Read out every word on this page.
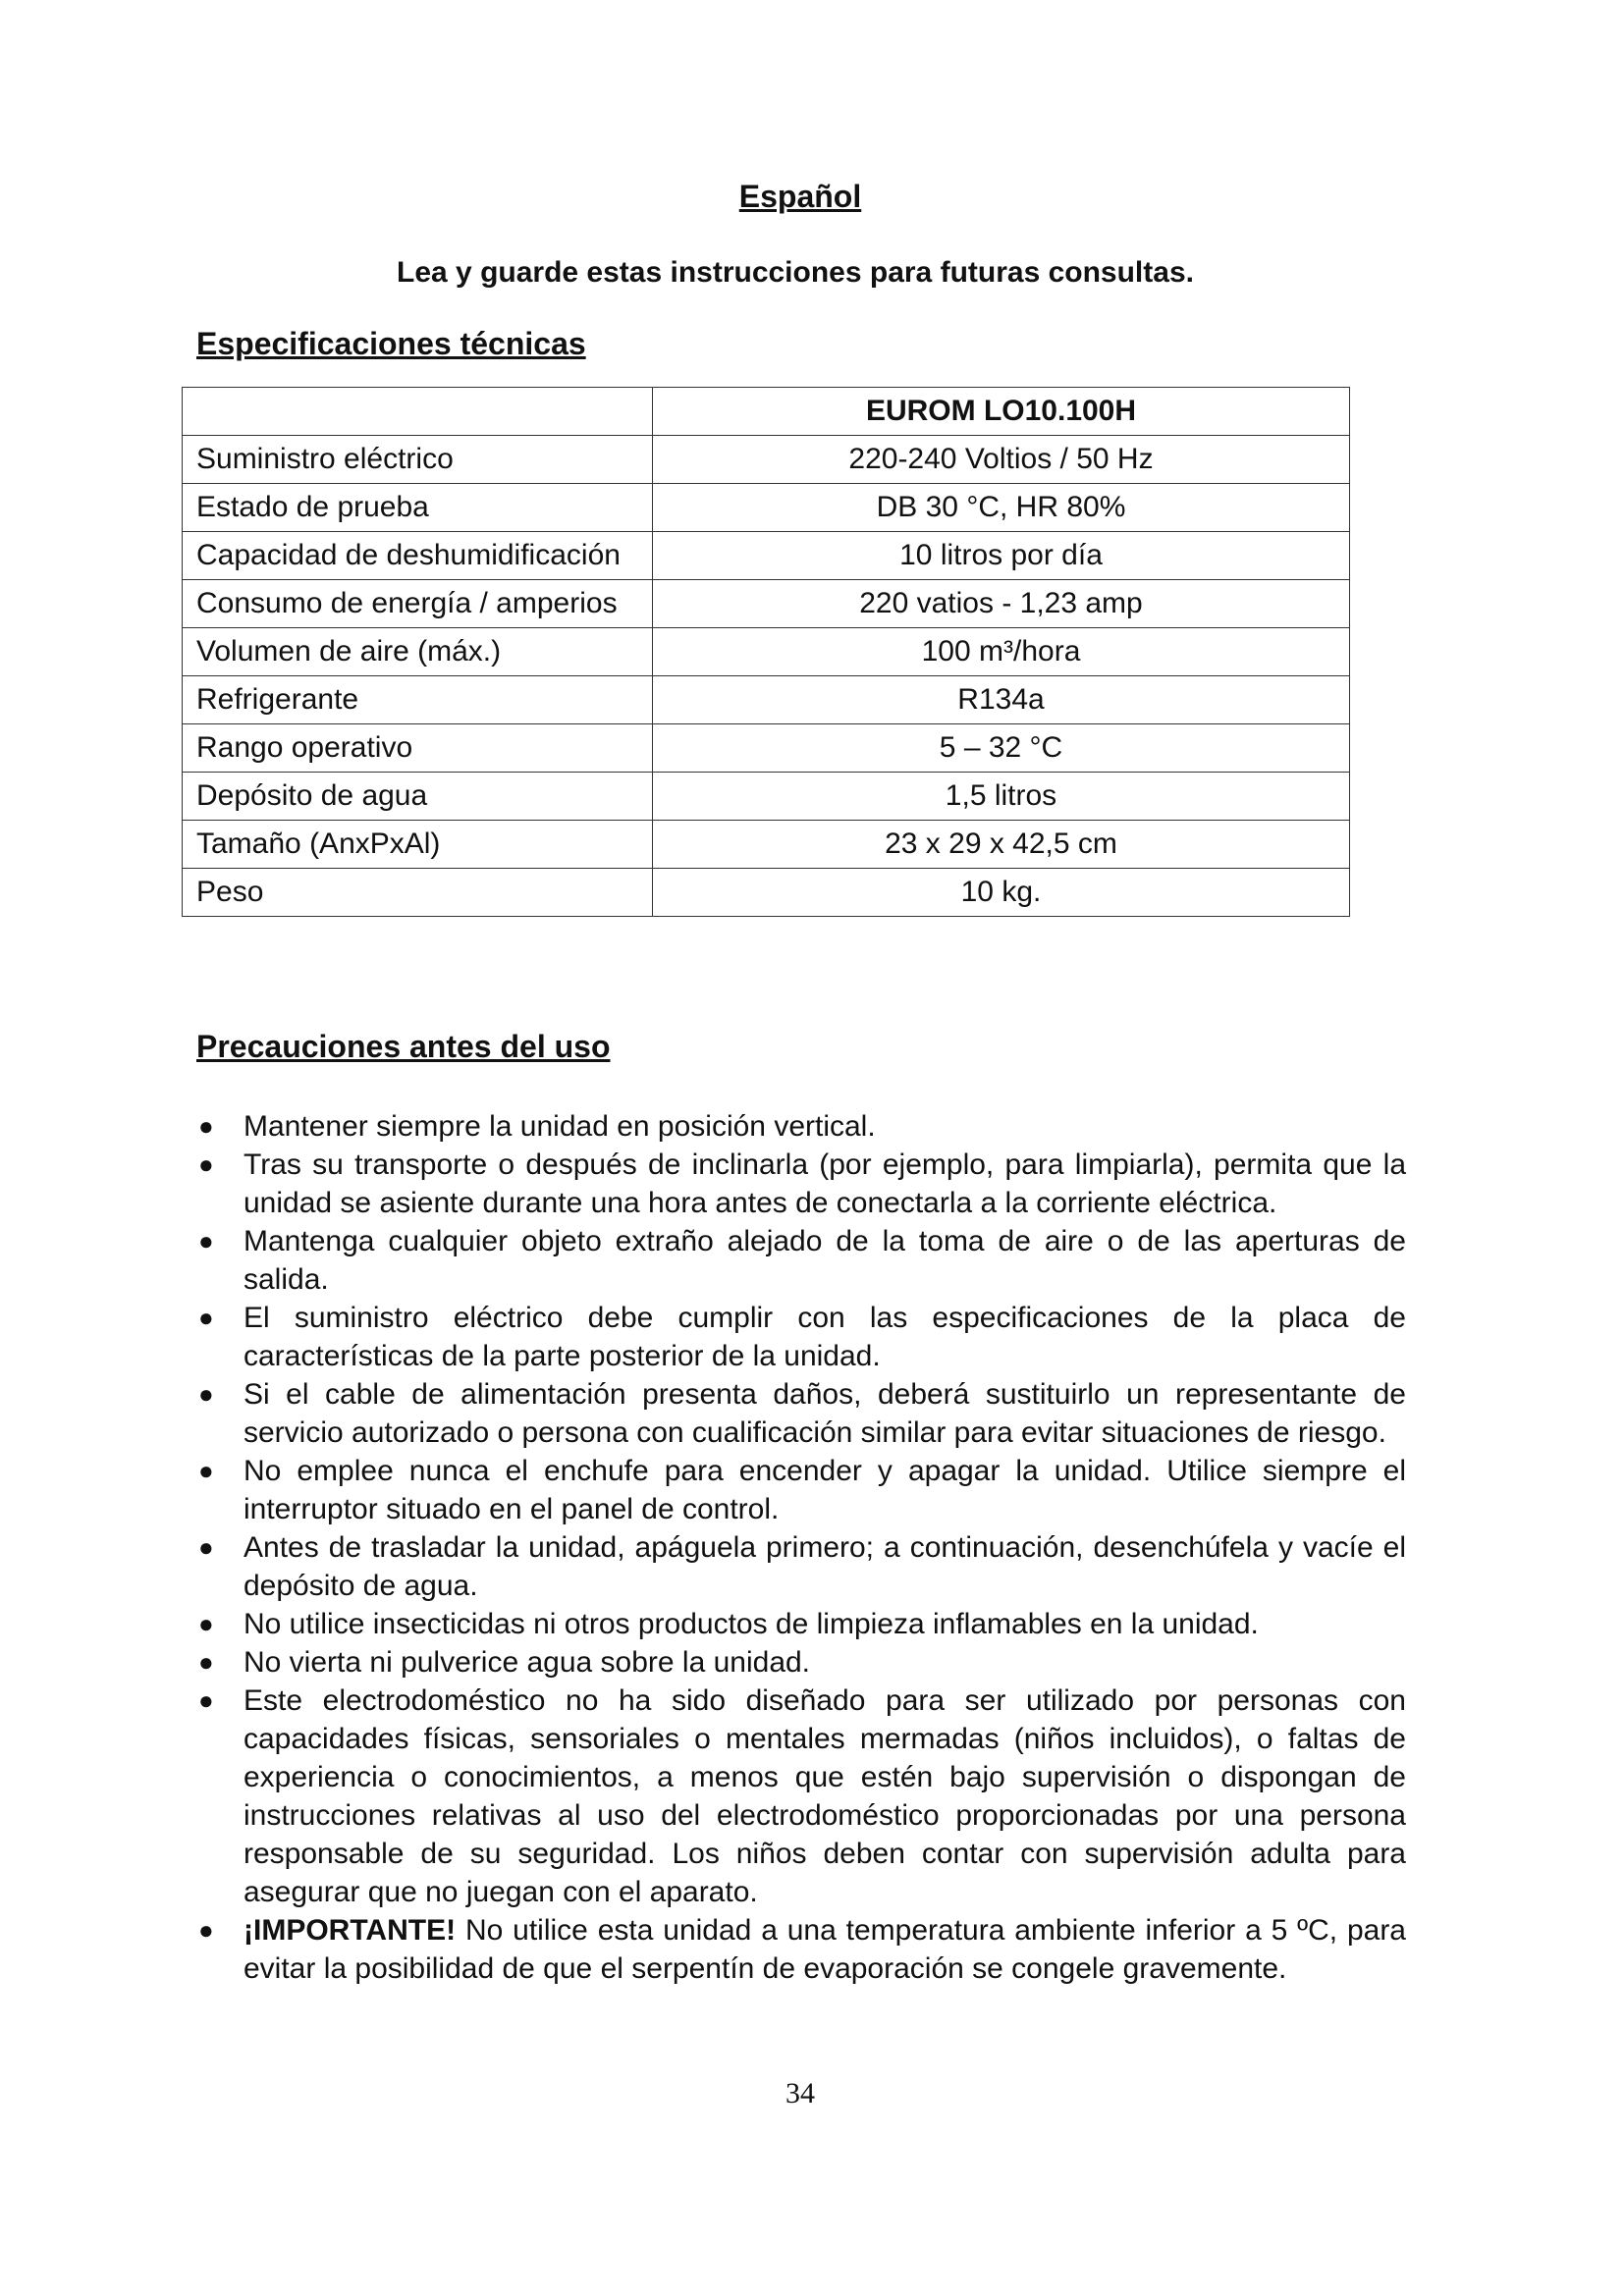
Español
Lea y guarde estas instrucciones para futuras consultas.
Especificaciones técnicas
	EUROM LO10.100H
Suministro eléctrico	220-240 Voltios / 50 Hz
Estado de prueba	DB 30 °C, HR 80%
Capacidad de deshumidificación	10 litros por día
Consumo de energía / amperios	220 vatios - 1,23 amp
Volumen de aire (máx.)	100 m³/hora
Refrigerante	R134a
Rango operativo	5 – 32 °C
Depósito de agua	1,5 litros
Tamaño (AnxPxAl)	23 x 29 x 42,5 cm
Peso	10 kg.
Precauciones antes del uso
● Mantener siempre la unidad en posición vertical.
● Tras su transporte o después de inclinarla (por ejemplo, para limpiarla), permita que la unidad se asiente durante una hora antes de conectarla a la corriente eléctrica.
● Mantenga cualquier objeto extraño alejado de la toma de aire o de las aperturas de salida.
● El suministro eléctrico debe cumplir con las especificaciones de la placa de características de la parte posterior de la unidad.
● Si el cable de alimentación presenta daños, deberá sustituirlo un representante de servicio autorizado o persona con cualificación similar para evitar situaciones de riesgo.
● No emplee nunca el enchufe para encender y apagar la unidad. Utilice siempre el interruptor situado en el panel de control.
● Antes de trasladar la unidad, apáguela primero; a continuación, desenchúfela y vacíe el depósito de agua.
● No utilice insecticidas ni otros productos de limpieza inflamables en la unidad.
● No vierta ni pulverice agua sobre la unidad.
● Este electrodoméstico no ha sido diseñado para ser utilizado por personas con capacidades físicas, sensoriales o mentales mermadas (niños incluidos), o faltas de experiencia o conocimientos, a menos que estén bajo supervisión o dispongan de instrucciones relativas al uso del electrodoméstico proporcionadas por una persona responsable de su seguridad. Los niños deben contar con supervisión adulta para asegurar que no juegan con el aparato.
● ¡IMPORTANTE! No utilice esta unidad a una temperatura ambiente inferior a 5 ºC, para evitar la posibilidad de que el serpentín de evaporación se congele gravemente.
34
